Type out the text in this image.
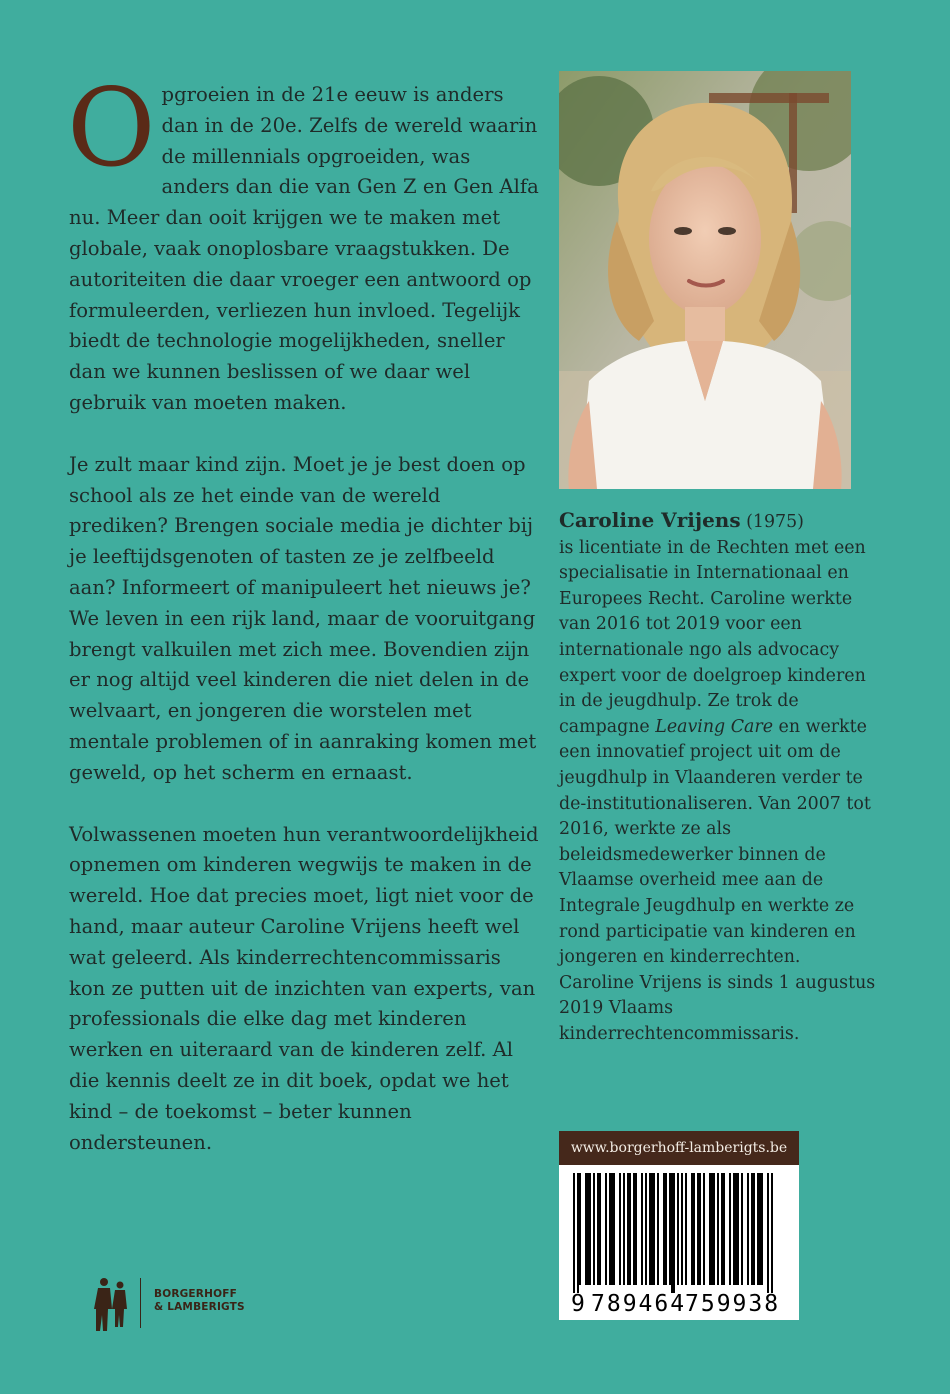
Opgroeien in de 21e eeuw is anders dan in de 20e. Zelfs de wereld waarin de millennials opgroeiden, was anders dan die van Gen Z en Gen Alfa nu. Meer dan ooit krijgen we te maken met globale, vaak onoplosbare vraagstukken. De autoriteiten die daar vroeger een antwoord op formuleerden, verliezen hun invloed. Tegelijk biedt de technologie mogelijkheden, sneller dan we kunnen beslissen of we daar wel gebruik van moeten maken.

Je zult maar kind zijn. Moet je je best doen op school als ze het einde van de wereld prediken? Brengen sociale media je dichter bij je leeftijdsgenoten of tasten ze je zelfbeeld aan? Informeert of manipuleert het nieuws je? We leven in een rijk land, maar de vooruitgang brengt valkuilen met zich mee. Bovendien zijn er nog altijd veel kinderen die niet delen in de welvaart, en jongeren die worstelen met mentale problemen of in aanraking komen met geweld, op het scherm en ernaast.

Volwassenen moeten hun verantwoordelijkheid opnemen om kinderen wegwijs te maken in de wereld. Hoe dat precies moet, ligt niet voor de hand, maar auteur Caroline Vrijens heeft wel wat geleerd. Als kinderrechtencommissaris kon ze putten uit de inzichten van experts, van professionals die elke dag met kinderen werken en uiteraard van de kinderen zelf. Al die kennis deelt ze in dit boek, opdat we het kind – de toekomst – beter kunnen ondersteunen.

Caroline Vrijens (1975)
is licentiate in de Rechten met een specialisatie in Internationaal en Europees Recht. Caroline werkte van 2016 tot 2019 voor een internationale ngo als advocacy expert voor de doelgroep kinderen in de jeugdhulp. Ze trok de campagne Leaving Care en werkte een innovatief project uit om de jeugdhulp in Vlaanderen verder te de-institutionaliseren. Van 2007 tot 2016, werkte ze als beleidsmedewerker binnen de Vlaamse overheid mee aan de Integrale Jeugdhulp en werkte ze rond participatie van kinderen en jongeren en kinderrechten. Caroline Vrijens is sinds 1 augustus 2019 Vlaams kinderrechtencommissaris.
www.borgerhoff-lamberigts.be
9 789464
759938
BORGERHOFF
& LAMBERIGTS
